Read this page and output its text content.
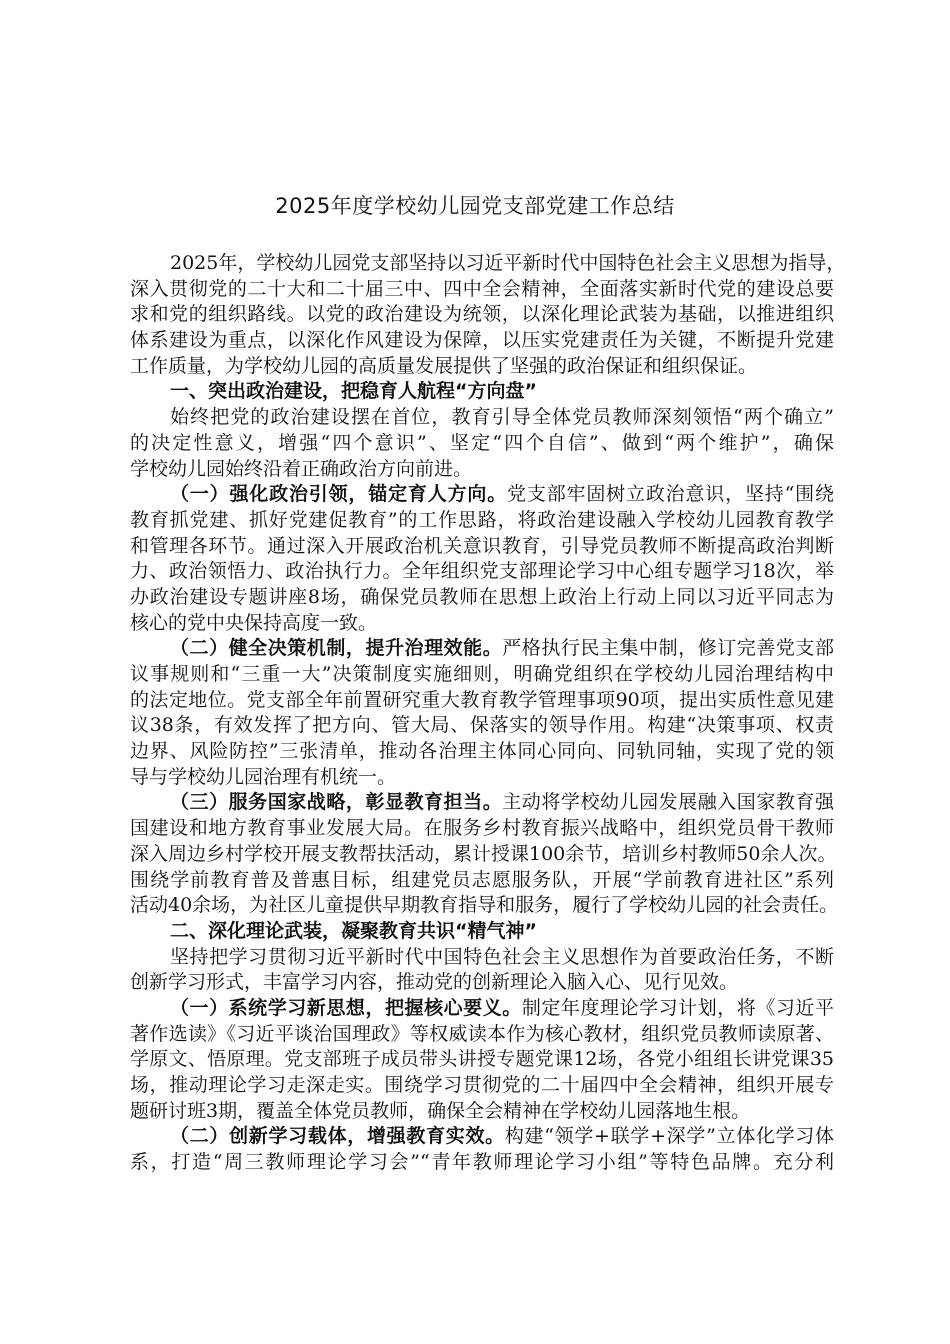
2025年度学校幼儿园党支部党建工作总结
2025年，学校幼儿园党支部坚持以习近平新时代中国特色社会主义思想为指导，
深入贯彻党的二十大和二十届三中、四中全会精神，全面落实新时代党的建设总要
求和党的组织路线。以党的政治建设为统领，以深化理论武装为基础，以推进组织
体系建设为重点，以深化作风建设为保障，以压实党建责任为关键，不断提升党建
工作质量，为学校幼儿园的高质量发展提供了坚强的政治保证和组织保证。
一、突出政治建设，把稳育人航程“方向盘”
始终把党的政治建设摆在首位，教育引导全体党员教师深刻领悟“两个确立”
的决定性意义，增强“四个意识”、坚定“四个自信”、做到“两个维护”，确保
学校幼儿园始终沿着正确政治方向前进。
（一）强化政治引领，锚定育人方向。党支部牢固树立政治意识，坚持“围绕
教育抓党建、抓好党建促教育”的工作思路，将政治建设融入学校幼儿园教育教学
和管理各环节。通过深入开展政治机关意识教育，引导党员教师不断提高政治判断
力、政治领悟力、政治执行力。全年组织党支部理论学习中心组专题学习18次，举
办政治建设专题讲座8场，确保党员教师在思想上政治上行动上同以习近平同志为
核心的党中央保持高度一致。
（二）健全决策机制，提升治理效能。严格执行民主集中制，修订完善党支部
议事规则和“三重一大”决策制度实施细则，明确党组织在学校幼儿园治理结构中
的法定地位。党支部全年前置研究重大教育教学管理事项90项，提出实质性意见建
议38条，有效发挥了把方向、管大局、保落实的领导作用。构建“决策事项、权责
边界、风险防控”三张清单，推动各治理主体同心同向、同轨同轴，实现了党的领
导与学校幼儿园治理有机统一。
（三）服务国家战略，彰显教育担当。主动将学校幼儿园发展融入国家教育强
国建设和地方教育事业发展大局。在服务乡村教育振兴战略中，组织党员骨干教师
深入周边乡村学校开展支教帮扶活动，累计授课100余节，培训乡村教师50余人次。
围绕学前教育普及普惠目标，组建党员志愿服务队，开展“学前教育进社区”系列
活动40余场，为社区儿童提供早期教育指导和服务，履行了学校幼儿园的社会责任。
二、深化理论武装，凝聚教育共识“精气神”
坚持把学习贯彻习近平新时代中国特色社会主义思想作为首要政治任务，不断
创新学习形式，丰富学习内容，推动党的创新理论入脑入心、见行见效。
（一）系统学习新思想，把握核心要义。制定年度理论学习计划，将《习近平
著作选读》《习近平谈治国理政》等权威读本作为核心教材，组织党员教师读原著、
学原文、悟原理。党支部班子成员带头讲授专题党课12场，各党小组组长讲党课35
场，推动理论学习走深走实。围绕学习贯彻党的二十届四中全会精神，组织开展专
题研讨班3期，覆盖全体党员教师，确保全会精神在学校幼儿园落地生根。
（二）创新学习载体，增强教育实效。构建“领学+联学+深学”立体化学习体
系，打造“周三教师理论学习会”“青年教师理论学习小组”等特色品牌。充分利
